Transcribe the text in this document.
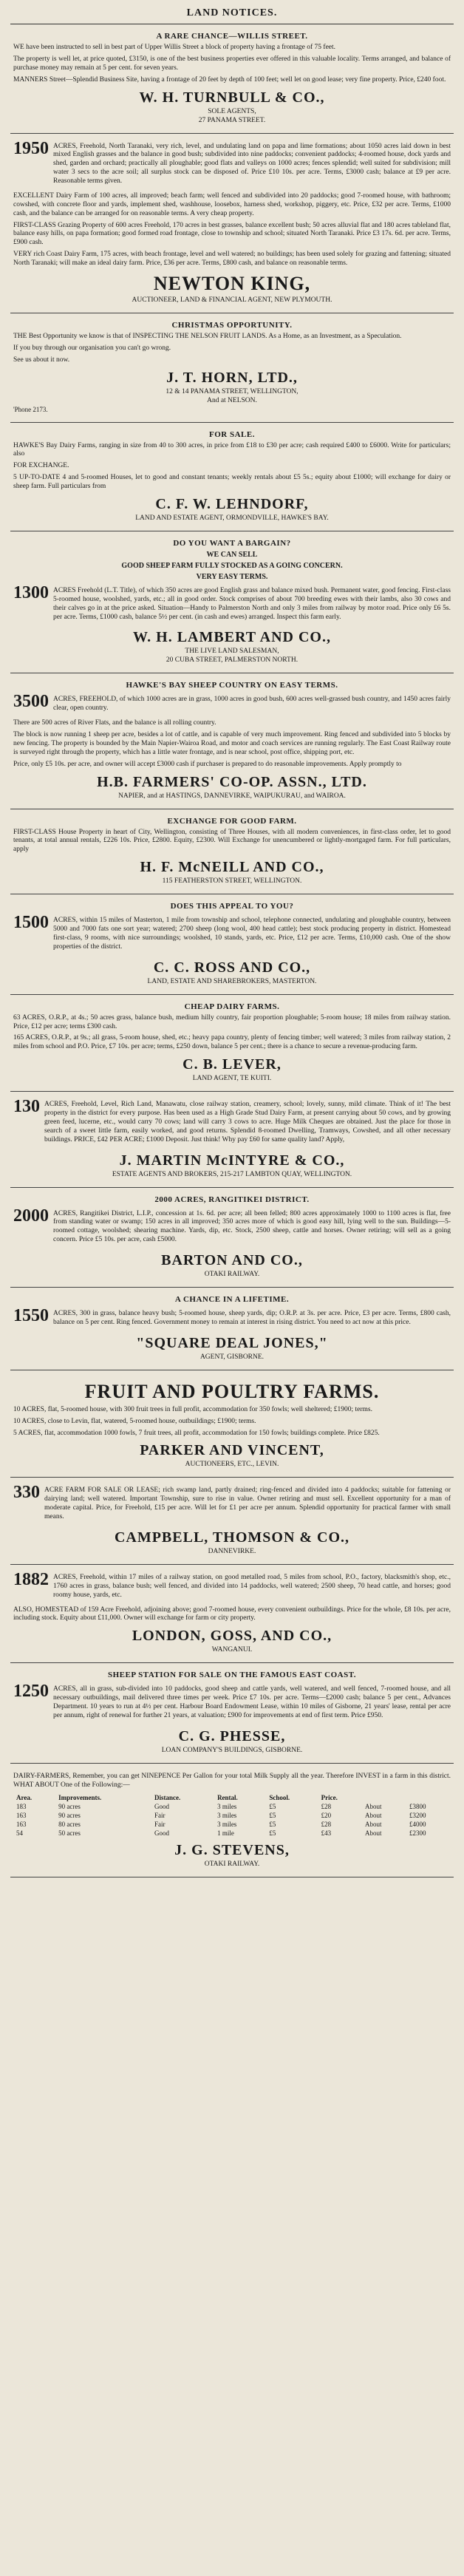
LAND NOTICES.
A RARE CHANCE—WILLIS STREET.
WE have been instructed to sell in best part of Upper Willis Street a block of property having a frontage of 75 feet.
The property is well let, at price quoted, £3150, is one of the best business properties ever offered in this valuable locality. Terms arranged, and balance of purchase money may remain at 5 per cent. for seven years.
MANNERS Street—Splendid Business Site, having a frontage of 20 feet by depth of 100 feet; well let on good lease; very fine property. Price, £240 foot.
W. H. TURNBULL & CO.,
SOLE AGENTS,
27 PANAMA STREET.
1950 ACRES, Freehold, North Taranaki, very rich, level, and undulating land on papa and lime formations; about 1050 acres laid down in best mixed English grasses and the balance in good bush; subdivided into nine paddocks; convenient paddocks; 4-roomed house, dock yards and shed, garden and orchard; practically all ploughable; good flats and valleys on 1000 acres; fences splendid; well suited for subdivision; mill water 3 secs to the acre soil; all surplus stock can be disposed of. Price £10 10s. per acre. Terms, £3000 cash; balance at £9 per acre. Reasonable terms given.
EXCELLENT Dairy Farm of 100 acres, all improved; beach farm; well fenced and subdivided into 20 paddocks; good 7-roomed house, with bathroom; cowshed, with concrete floor and yards, implement shed, washhouse, loosebox, harness shed, workshop, piggery, etc. Price, £32 per acre. Terms, £1000 cash, and the balance can be arranged for on reasonable terms. A very cheap property.
FIRST-CLASS Grazing Property of 600 acres Freehold, 170 acres in best grasses, balance excellent bush; 50 acres alluvial flat and 180 acres tableland flat, balance easy hills, on papa formation; good formed road frontage, close to township and school; situated North Taranaki. Price £3 17s. 6d. per acre. Terms, £900 cash.
VERY rich Coast Dairy Farm, 175 acres, with beach frontage, level and well watered; no buildings; has been used solely for grazing and fattening; situated North Taranaki; will make an ideal dairy farm. Price, £36 per acre. Terms, £800 cash, and balance on reasonable terms.
NEWTON KING,
AUCTIONEER, LAND & FINANCIAL AGENT, NEW PLYMOUTH.
CHRISTMAS OPPORTUNITY.
THE Best Opportunity we know is that of INSPECTING THE NELSON FRUIT LANDS. As a Home, as an Investment, as a Speculation.
If you buy through our organisation you can't go wrong.
See us about it now.
J. T. HORN, LTD.,
12 & 14 PANAMA STREET, WELLINGTON,
And at NELSON.
'Phone 2173.
FOR SALE.
HAWKE'S Bay Dairy Farms, ranging in size from 40 to 300 acres, in price from £18 to £30 per acre; cash required £400 to £6000. Write for particulars; also
FOR EXCHANGE.
5 UP-TO-DATE 4 and 5-roomed Houses, let to good and constant tenants; weekly rentals about £5 5s.; equity about £1000; will exchange for dairy or sheep farm. Full particulars from
C. F. W. LEHNDORF,
LAND AND ESTATE AGENT, ORMONDVILLE, HAWKE'S BAY.
DO YOU WANT A BARGAIN?
WE CAN SELL
GOOD SHEEP FARM FULLY STOCKED AS A GOING CONCERN.
VERY EASY TERMS.
1300 ACRES Freehold (L.T. Title), of which 350 acres are good English grass and balance mixed bush. Permanent water, good fencing. First-class 5-roomed house, woolshed, yards, etc.; all in good order. Stock comprises of about 700 breeding ewes with their lambs, also 30 cows and their calves go in at the price asked. Situation—Handy to Palmerston North and only 3 miles from railway by motor road. Price only £6 5s. per acre. Terms, £1000 cash, balance 5½ per cent. (in cash and ewes) arranged. Inspect this farm early.
W. H. LAMBERT AND CO.,
THE LIVE LAND SALESMAN,
20 CUBA STREET, PALMERSTON NORTH.
HAWKE'S BAY SHEEP COUNTRY ON EASY TERMS.
3500 ACRES, FREEHOLD, of which 1000 acres are in grass, 1000 acres in good bush, 600 acres well-grassed bush country, and 1450 acres fairly clear, open country.
There are 500 acres of River Flats, and the balance is all rolling country.
The block is now running 1 sheep per acre, besides a lot of cattle, and is capable of very much improvement. Ring fenced and subdivided into 5 blocks by new fencing. The property is bounded by the Main Napier-Wairoa Road, and motor and coach services are running regularly. The East Coast Railway route is surveyed right through the property, which has a little water frontage, and is near school, post office, shipping port, etc.
Price, only £5 10s. per acre, and owner will accept £3000 cash if purchaser is prepared to do reasonable improvements. Apply promptly to
H.B. FARMERS' CO-OP. ASSN., LTD.
NAPIER, and at HASTINGS, DANNEVIRKE, WAIPUKURAU, and WAIROA.
EXCHANGE FOR GOOD FARM.
FIRST-CLASS House Property in heart of City, Wellington, consisting of Three Houses, with all modern conveniences, in first-class order, let to good tenants, at total annual rentals, £226 10s. Price, £2800. Equity, £2300. Will Exchange for unencumbered or lightly-mortgaged farm. For full particulars, apply
H. F. McNEILL AND CO.,
115 FEATHERSTON STREET, WELLINGTON.
DOES THIS APPEAL TO YOU?
1500 ACRES, within 15 miles of Masterton, 1 mile from township and school, telephone connected, undulating and ploughable country, between 5000 and 7000 fats one sort year; watered; 2700 sheep (long wool, 400 head cattle); best stock producing property in district. Homestead first-class, 9 rooms, with nice surroundings; woolshed, 10 stands, yards, etc. Price, £12 per acre. Terms, £10,000 cash. One of the show properties of the district.
C. C. ROSS AND CO.,
LAND, ESTATE AND SHAREBROKERS, MASTERTON.
CHEAP DAIRY FARMS.
63 ACRES, O.R.P., at 4s.; 50 acres grass, balance bush, medium hilly country, fair proportion ploughable; 5-room house; 18 miles from railway station. Price, £12 per acre; terms £300 cash.
165 ACRES, O.R.P., at 9s.; all grass, 5-room house, shed, etc.; heavy papa country, plenty of fencing timber; well watered; 3 miles from railway station, 2 miles from school and P.O. Price, £7 10s. per acre; terms, £250 down, balance 5 per cent.; there is a chance to secure a revenue-producing farm.
C. B. LEVER,
LAND AGENT, TE KUITI.
130 ACRES, Freehold, Level, Rich Land, Manawatu, close railway station, creamery, school; lovely, sunny, mild climate. Think of it! The best property in the district for every purpose. Has been used as a High Grade Stud Dairy Farm, at present carrying about 50 cows, and by growing green feed, lucerne, etc., would carry 70 cows; land will carry 3 cows to acre. Huge Milk Cheques are obtained. Just the place for those in search of a sweet little farm, easily worked, and good returns. Splendid 8-roomed Dwelling, Tramways, Cowshed, and all other necessary buildings. PRICE, £42 PER ACRE; £1000 Deposit. Just think! Why pay £60 for same quality land? Apply,
J. MARTIN McINTYRE & CO.,
ESTATE AGENTS AND BROKERS, 215-217 LAMBTON QUAY, WELLINGTON.
2000 ACRES, RANGITIKEI DISTRICT.
2000 ACRES, Rangitikei District, L.I.P., concession at 1s. 6d. per acre; all been felled; 800 acres approximately 1000 to 1100 acres is flat, free from standing water or swamp; 150 acres in all improved; 350 acres more of which is good easy hill, lying well to the sun. Buildings—5-roomed cottage, woolshed; shearing machine. Yards, dip, etc. Stock, 2500 sheep, cattle and horses. Owner retiring; will sell as a going concern. Price £5 10s. per acre, cash £5000.
BARTON AND CO.,
OTAKI RAILWAY.
A CHANCE IN A LIFETIME.
1550 ACRES, 300 in grass, balance heavy bush; 5-roomed house, sheep yards, dip; O.R.P. at 3s. per acre. Price, £3 per acre. Terms, £800 cash, balance on 5 per cent. Ring fenced. Government money to remain at interest in rising district. You need to act now at this price.
"SQUARE DEAL JONES,"
AGENT, GISBORNE.
FRUIT AND POULTRY FARMS.
10 ACRES, flat, 5-roomed house, with 300 fruit trees in full profit, accommodation for 350 fowls; well sheltered; £1900; terms.
10 ACRES, close to Levin, flat, watered, 5-roomed house, outbuildings; £1900; terms.
5 ACRES, flat, accommodation 1000 fowls, 7 fruit trees, all profit, accommodation for 150 fowls; buildings complete. Price £825.
PARKER AND VINCENT,
AUCTIONEERS, ETC., LEVIN.
330 ACRE FARM FOR SALE OR LEASE; rich swamp land, partly drained; ring-fenced and divided into 4 paddocks; suitable for fattening or dairying land; well watered. Important Township, sure to rise in value. Owner retiring and must sell. Excellent opportunity for a man of moderate capital. Price, for Freehold, £15 per acre. Will let for £1 per acre per annum. Splendid opportunity for practical farmer with small means.
CAMPBELL, THOMSON & CO.,
DANNEVIRKE.
1882 ACRES, Freehold, within 17 miles of a railway station, on good metalled road, 5 miles from school, P.O., factory, blacksmith's shop, etc., 1760 acres in grass, balance bush; well fenced, and divided into 14 paddocks, well watered; 2500 sheep, 70 head cattle, and horses; good roomy house, yards, etc.
ALSO, HOMESTEAD of 159 Acre Freehold, adjoining above; good 7-roomed house, every convenient outbuildings. Price for the whole, £8 10s. per acre, including stock. Equity about £11,000. Owner will exchange for farm or city property.
LONDON, GOSS, AND CO.,
WANGANUI.
SHEEP STATION FOR SALE ON THE FAMOUS EAST COAST.
1250 ACRES, all in grass, sub-divided into 10 paddocks, good sheep and cattle yards, well watered, and well fenced, 7-roomed house, and all necessary outbuildings, mail delivered three times per week. Price £7 10s. per acre. Terms—£2000 cash; balance 5 per cent., Advances Department. 10 years to run at 4½ per cent. Harbour Board Endowment Lease, within 10 miles of Gisborne, 21 years' lease, rental per acre per annum, right of renewal for further 21 years, at valuation; £900 for improvements at end of first term. Price £950.
C. G. PHESSE,
LOAN COMPANY'S BUILDINGS, GISBORNE.
DAIRY-FARMERS, Remember, you can get NINEPENCE Per Gallon for your total Milk Supply all the year. Therefore INVEST in a farm in this district. WHAT ABOUT One of the Following:—
Area.	Improvements.	Distance.	Rental.	School.	Price.		
183	90 acres	Good	3 miles	£5	£28	About	£3800
163	90 acres	Fair	3 miles	£5	£20	About	£3200
163	80 acres	Fair	3 miles	£5	£28	About	£4000
54	50 acres	Good	1 mile	£5	£43	About	£2300
J. G. STEVENS,
OTAKI RAILWAY.
